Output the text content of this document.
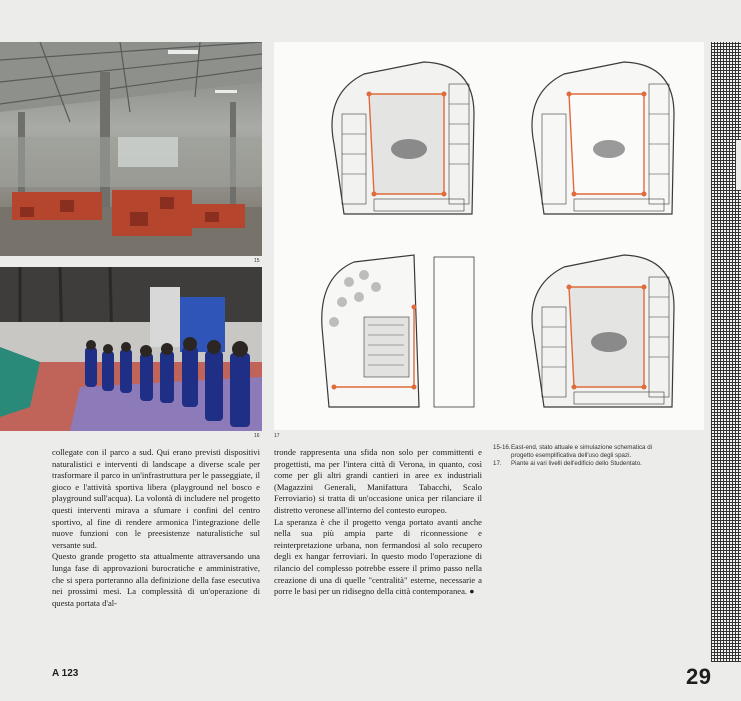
15
16	17

collegate con il parco a sud. Qui erano previsti dispositivi naturalistici e interventi di landscape a diverse scale per trasformare il parco in un'infrastruttura per le passeggiate, il gioco e l'attività sportiva libera (playground nel bosco e playground sull'acqua). La volontà di includere nel progetto questi interventi mirava a sfumare i confini del centro sportivo, al fine di rendere armonica l'integrazione delle nuove funzioni con le preesistenze naturalistiche sul versante sud.

Questo grande progetto sta attualmente attraversando una lunga fase di approvazioni burocratiche e amministrative, che si spera porteranno alla definizione della fase esecutiva nei prossimi mesi. La complessità di un'operazione di questa portata d'al-

tronde rappresenta una sfida non solo per committenti e progettisti, ma per l'intera città di Verona, in quanto, così come per gli altri grandi cantieri in aree ex industriali (Magazzini Generali, Manifattura Tabacchi, Scalo Ferroviario) si tratta di un'occasione unica per rilanciare il distretto veronese all'interno del contesto europeo.

La speranza è che il progetto venga portato avanti anche nella sua più ampia parte di riconnessione e reinterpretazione urbana, non fermandosi al solo recupero degli ex hangar ferroviari. In questo modo l'operazione di rilancio del complesso potrebbe essere il primo passo nella creazione di una di quelle "centralità" esterne, necessarie a porre le basi per un ridisegno della città contemporanea. ●

15-16. East-end, stato attuale e simulazione schematica di progetto esemplificativa dell'uso degli spazi.
17.	Piante ai vari livelli dell'edificio dello Studentato.
A 123	29
